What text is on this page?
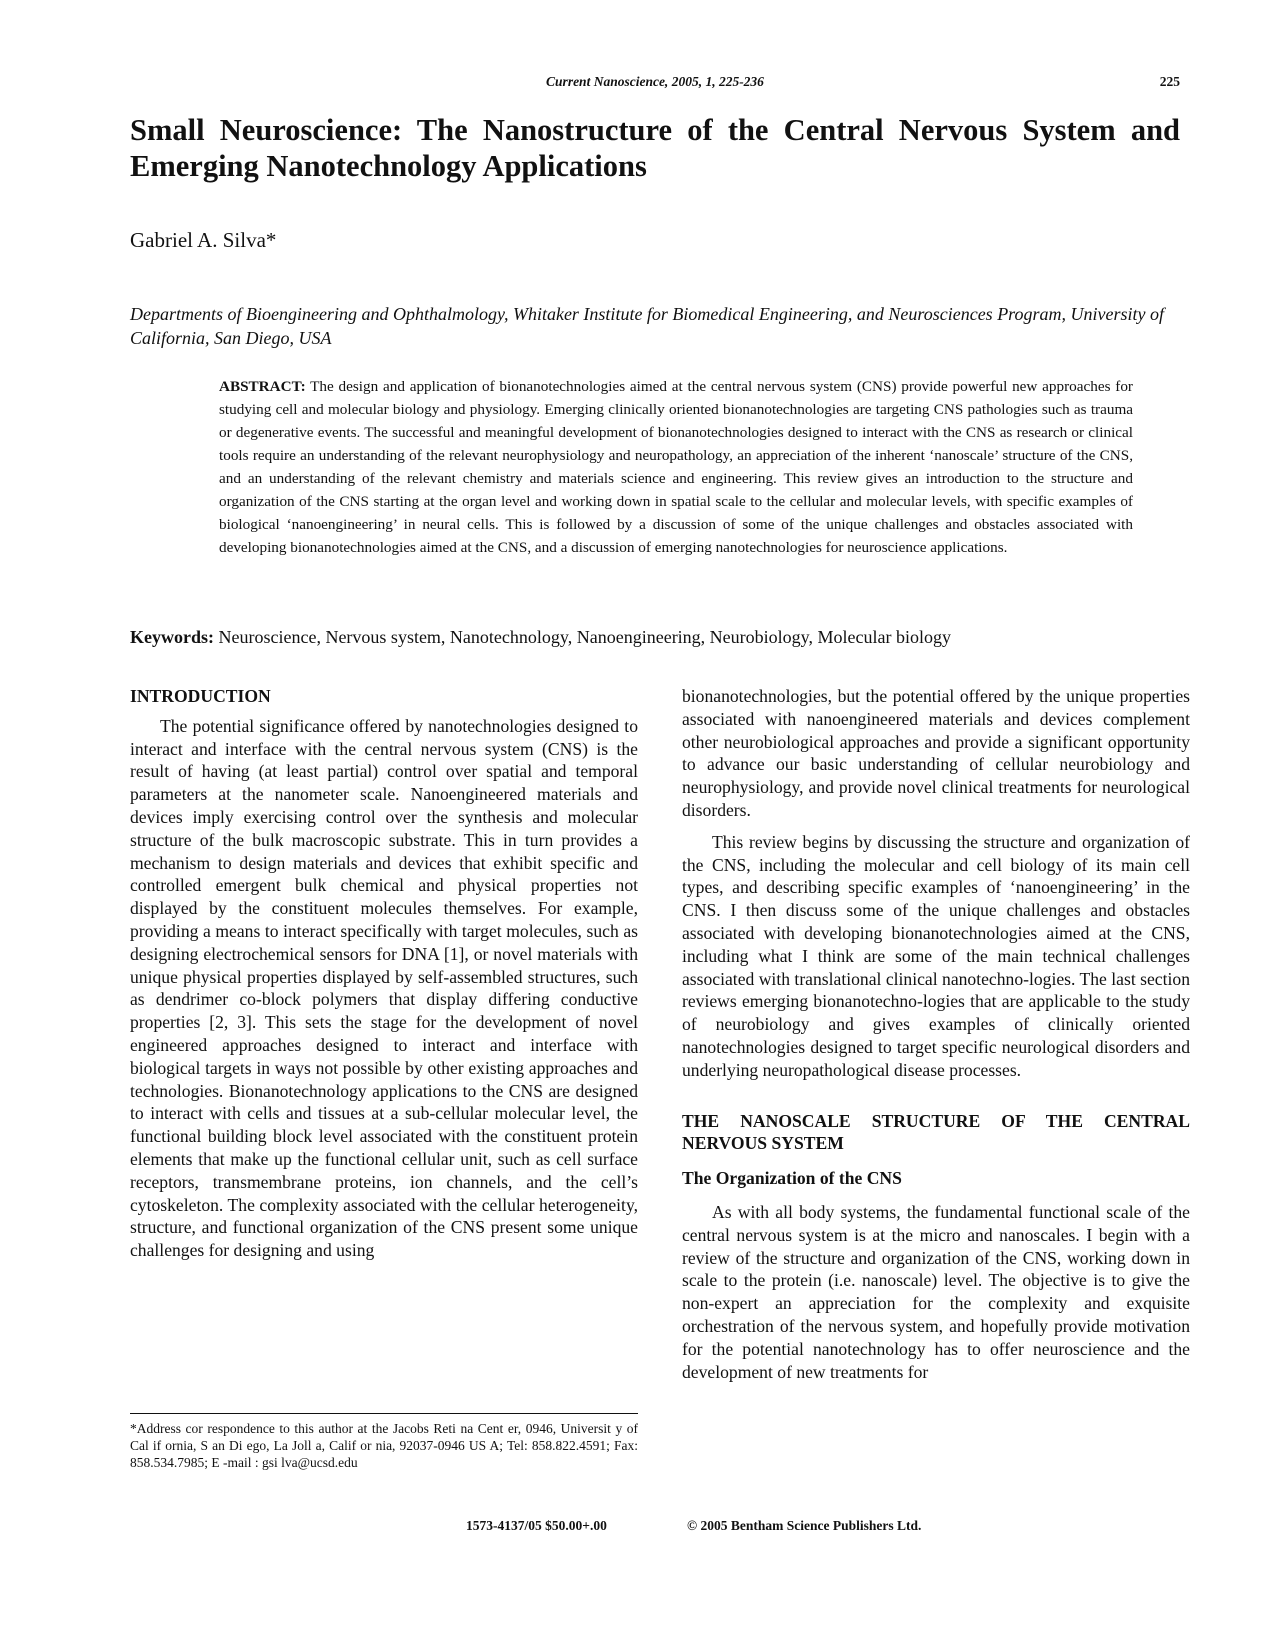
Current Nanoscience, 2005, 1, 225-236	225
Small Neuroscience: The Nanostructure of the Central Nervous System and Emerging Nanotechnology Applications
Gabriel A. Silva*
Departments of Bioengineering and Ophthalmology, Whitaker Institute for Biomedical Engineering, and Neurosciences Program, University of California, San Diego, USA
ABSTRACT: The design and application of bionanotechnologies aimed at the central nervous system (CNS) provide powerful new approaches for studying cell and molecular biology and physiology. Emerging clinically oriented bionanotechnologies are targeting CNS pathologies such as trauma or degenerative events. The successful and meaningful development of bionanotechnologies designed to interact with the CNS as research or clinical tools require an understanding of the relevant neurophysiology and neuropathology, an appreciation of the inherent ‘nanoscale’ structure of the CNS, and an understanding of the relevant chemistry and materials science and engineering. This review gives an introduction to the structure and organization of the CNS starting at the organ level and working down in spatial scale to the cellular and molecular levels, with specific examples of biological ‘nanoengineering’ in neural cells. This is followed by a discussion of some of the unique challenges and obstacles associated with developing bionanotechnologies aimed at the CNS, and a discussion of emerging nanotechnologies for neuroscience applications.
Keywords: Neuroscience, Nervous system, Nanotechnology, Nanoengineering, Neurobiology, Molecular biology
INTRODUCTION

The potential significance offered by nanotechnologies designed to interact and interface with the central nervous system (CNS) is the result of having (at least partial) control over spatial and temporal parameters at the nanometer scale. Nanoengineered materials and devices imply exercising control over the synthesis and molecular structure of the bulk macroscopic substrate. This in turn provides a mechanism to design materials and devices that exhibit specific and controlled emergent bulk chemical and physical properties not displayed by the constituent molecules themselves. For example, providing a means to interact specifically with target molecules, such as designing electrochemical sensors for DNA [1], or novel materials with unique physical properties displayed by self-assembled structures, such as dendrimer co-block polymers that display differing conductive properties [2, 3]. This sets the stage for the development of novel engineered approaches designed to interact and interface with biological targets in ways not possible by other existing approaches and technologies. Bionanotechnology applications to the CNS are designed to interact with cells and tissues at a sub-cellular molecular level, the functional building block level associated with the constituent protein elements that make up the functional cellular unit, such as cell surface receptors, transmembrane proteins, ion channels, and the cell’s cytoskeleton. The complexity associated with the cellular heterogeneity, structure, and functional organization of the CNS present some unique challenges for designing and using

bionanotechnologies, but the potential offered by the unique properties associated with nanoengineered materials and devices complement other neurobiological approaches and provide a significant opportunity to advance our basic understanding of cellular neurobiology and neurophysiology, and provide novel clinical treatments for neurological disorders.

This review begins by discussing the structure and organization of the CNS, including the molecular and cell biology of its main cell types, and describing specific examples of ‘nanoengineering’ in the CNS. I then discuss some of the unique challenges and obstacles associated with developing bionanotechnologies aimed at the CNS, including what I think are some of the main technical challenges associated with translational clinical nanotechno-logies. The last section reviews emerging bionanotechno-logies that are applicable to the study of neurobiology and gives examples of clinically oriented nanotechnologies designed to target specific neurological disorders and underlying neuropathological disease processes.

THE NANOSCALE STRUCTURE OF THE CENTRAL NERVOUS SYSTEM
The Organization of the CNS

As with all body systems, the fundamental functional scale of the central nervous system is at the micro and nanoscales. I begin with a review of the structure and organization of the CNS, working down in scale to the protein (i.e. nanoscale) level. The objective is to give the non-expert an appreciation for the complexity and exquisite orchestration of the nervous system, and hopefully provide motivation for the potential nanotechnology has to offer neuroscience and the development of new treatments for

*Address cor respondence to this author at the Jacobs Reti na Cent er, 0946, Universit y of Cal if ornia, S an Di ego, La Joll a, Calif or nia, 92037-0946 US A; Tel: 858.822.4591; Fax: 858.534.7985; E -mail : gsi lva@ucsd.edu
1573-4137/05 $50.00+.00	© 2005 Bentham Science Publishers Ltd.
